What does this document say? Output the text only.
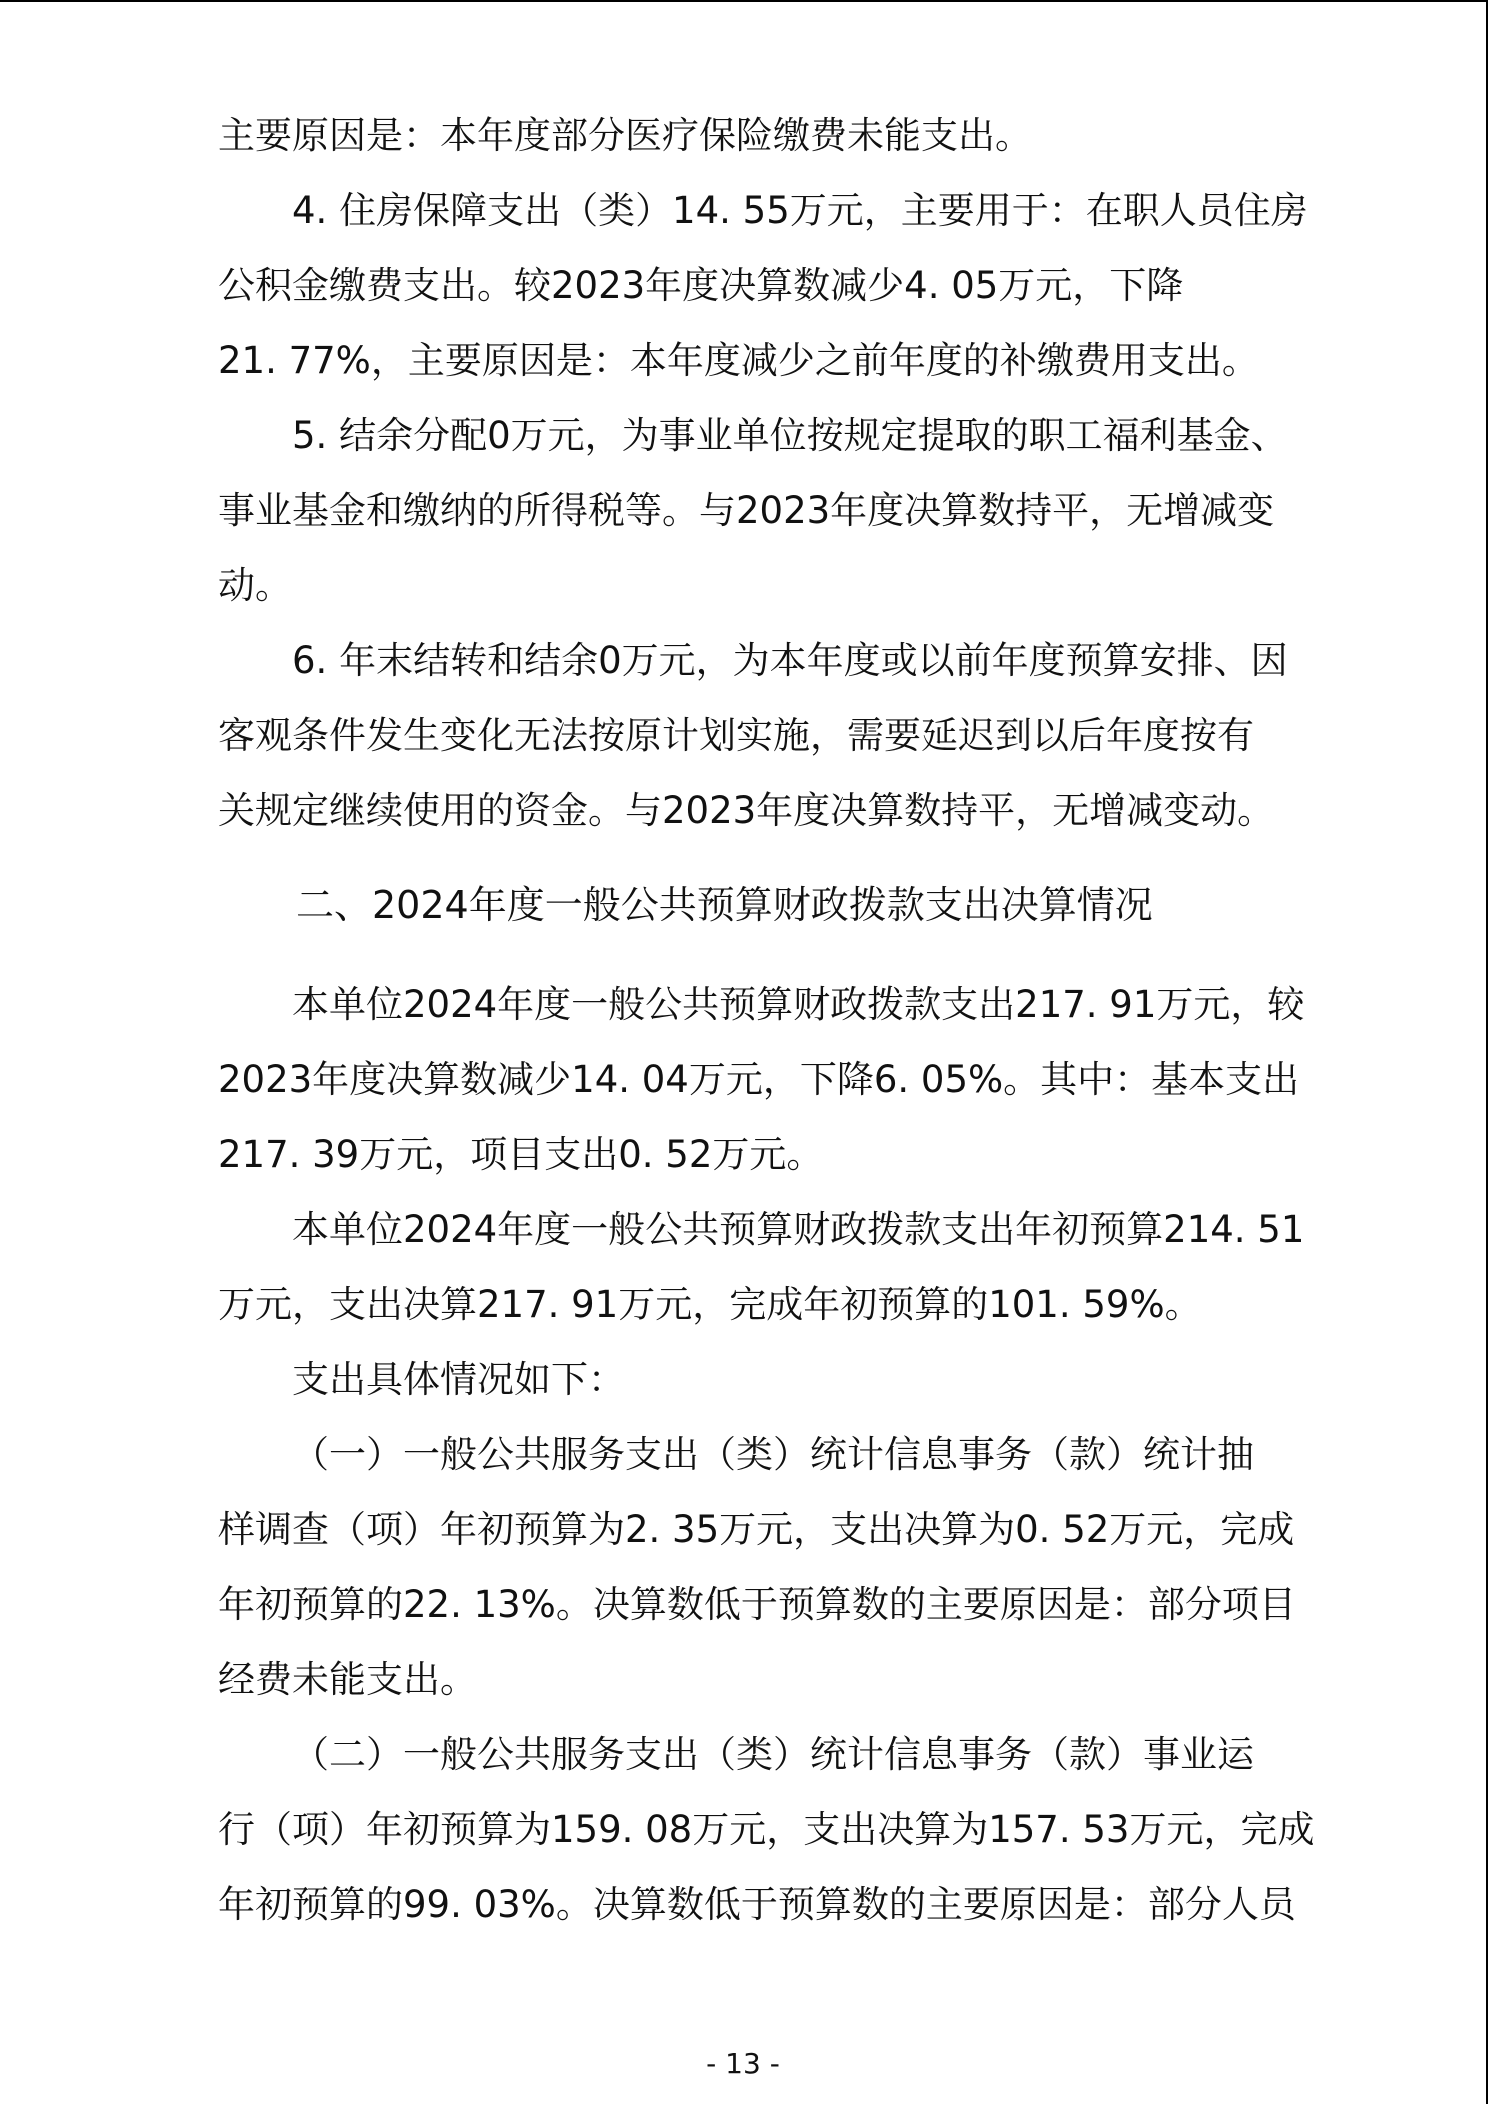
主要原因是：本年度部分医疗保险缴费未能支出。
4. 住房保障支出（类）14. 55万元，主要用于：在职人员住房
公积金缴费支出。较2023年度决算数减少4. 05万元，下降
21. 77%，主要原因是：本年度减少之前年度的补缴费用支出。
5. 结余分配0万元，为事业单位按规定提取的职工福利基金、
事业基金和缴纳的所得税等。与2023年度决算数持平，无增减变
动。
6. 年末结转和结余0万元，为本年度或以前年度预算安排、因
客观条件发生变化无法按原计划实施，需要延迟到以后年度按有
关规定继续使用的资金。与2023年度决算数持平，无增减变动。
二、2024年度一般公共预算财政拨款支出决算情况
本单位2024年度一般公共预算财政拨款支出217. 91万元，较
2023年度决算数减少14. 04万元，下降6. 05%。其中：基本支出
217. 39万元，项目支出0. 52万元。
本单位2024年度一般公共预算财政拨款支出年初预算214. 51
万元，支出决算217. 91万元，完成年初预算的101. 59%。
支出具体情况如下：
（一）一般公共服务支出（类）统计信息事务（款）统计抽
样调查（项）年初预算为2. 35万元，支出决算为0. 52万元，完成
年初预算的22. 13%。决算数低于预算数的主要原因是：部分项目
经费未能支出。
（二）一般公共服务支出（类）统计信息事务（款）事业运
行（项）年初预算为159. 08万元，支出决算为157. 53万元，完成
年初预算的99. 03%。决算数低于预算数的主要原因是：部分人员
- 13 -
